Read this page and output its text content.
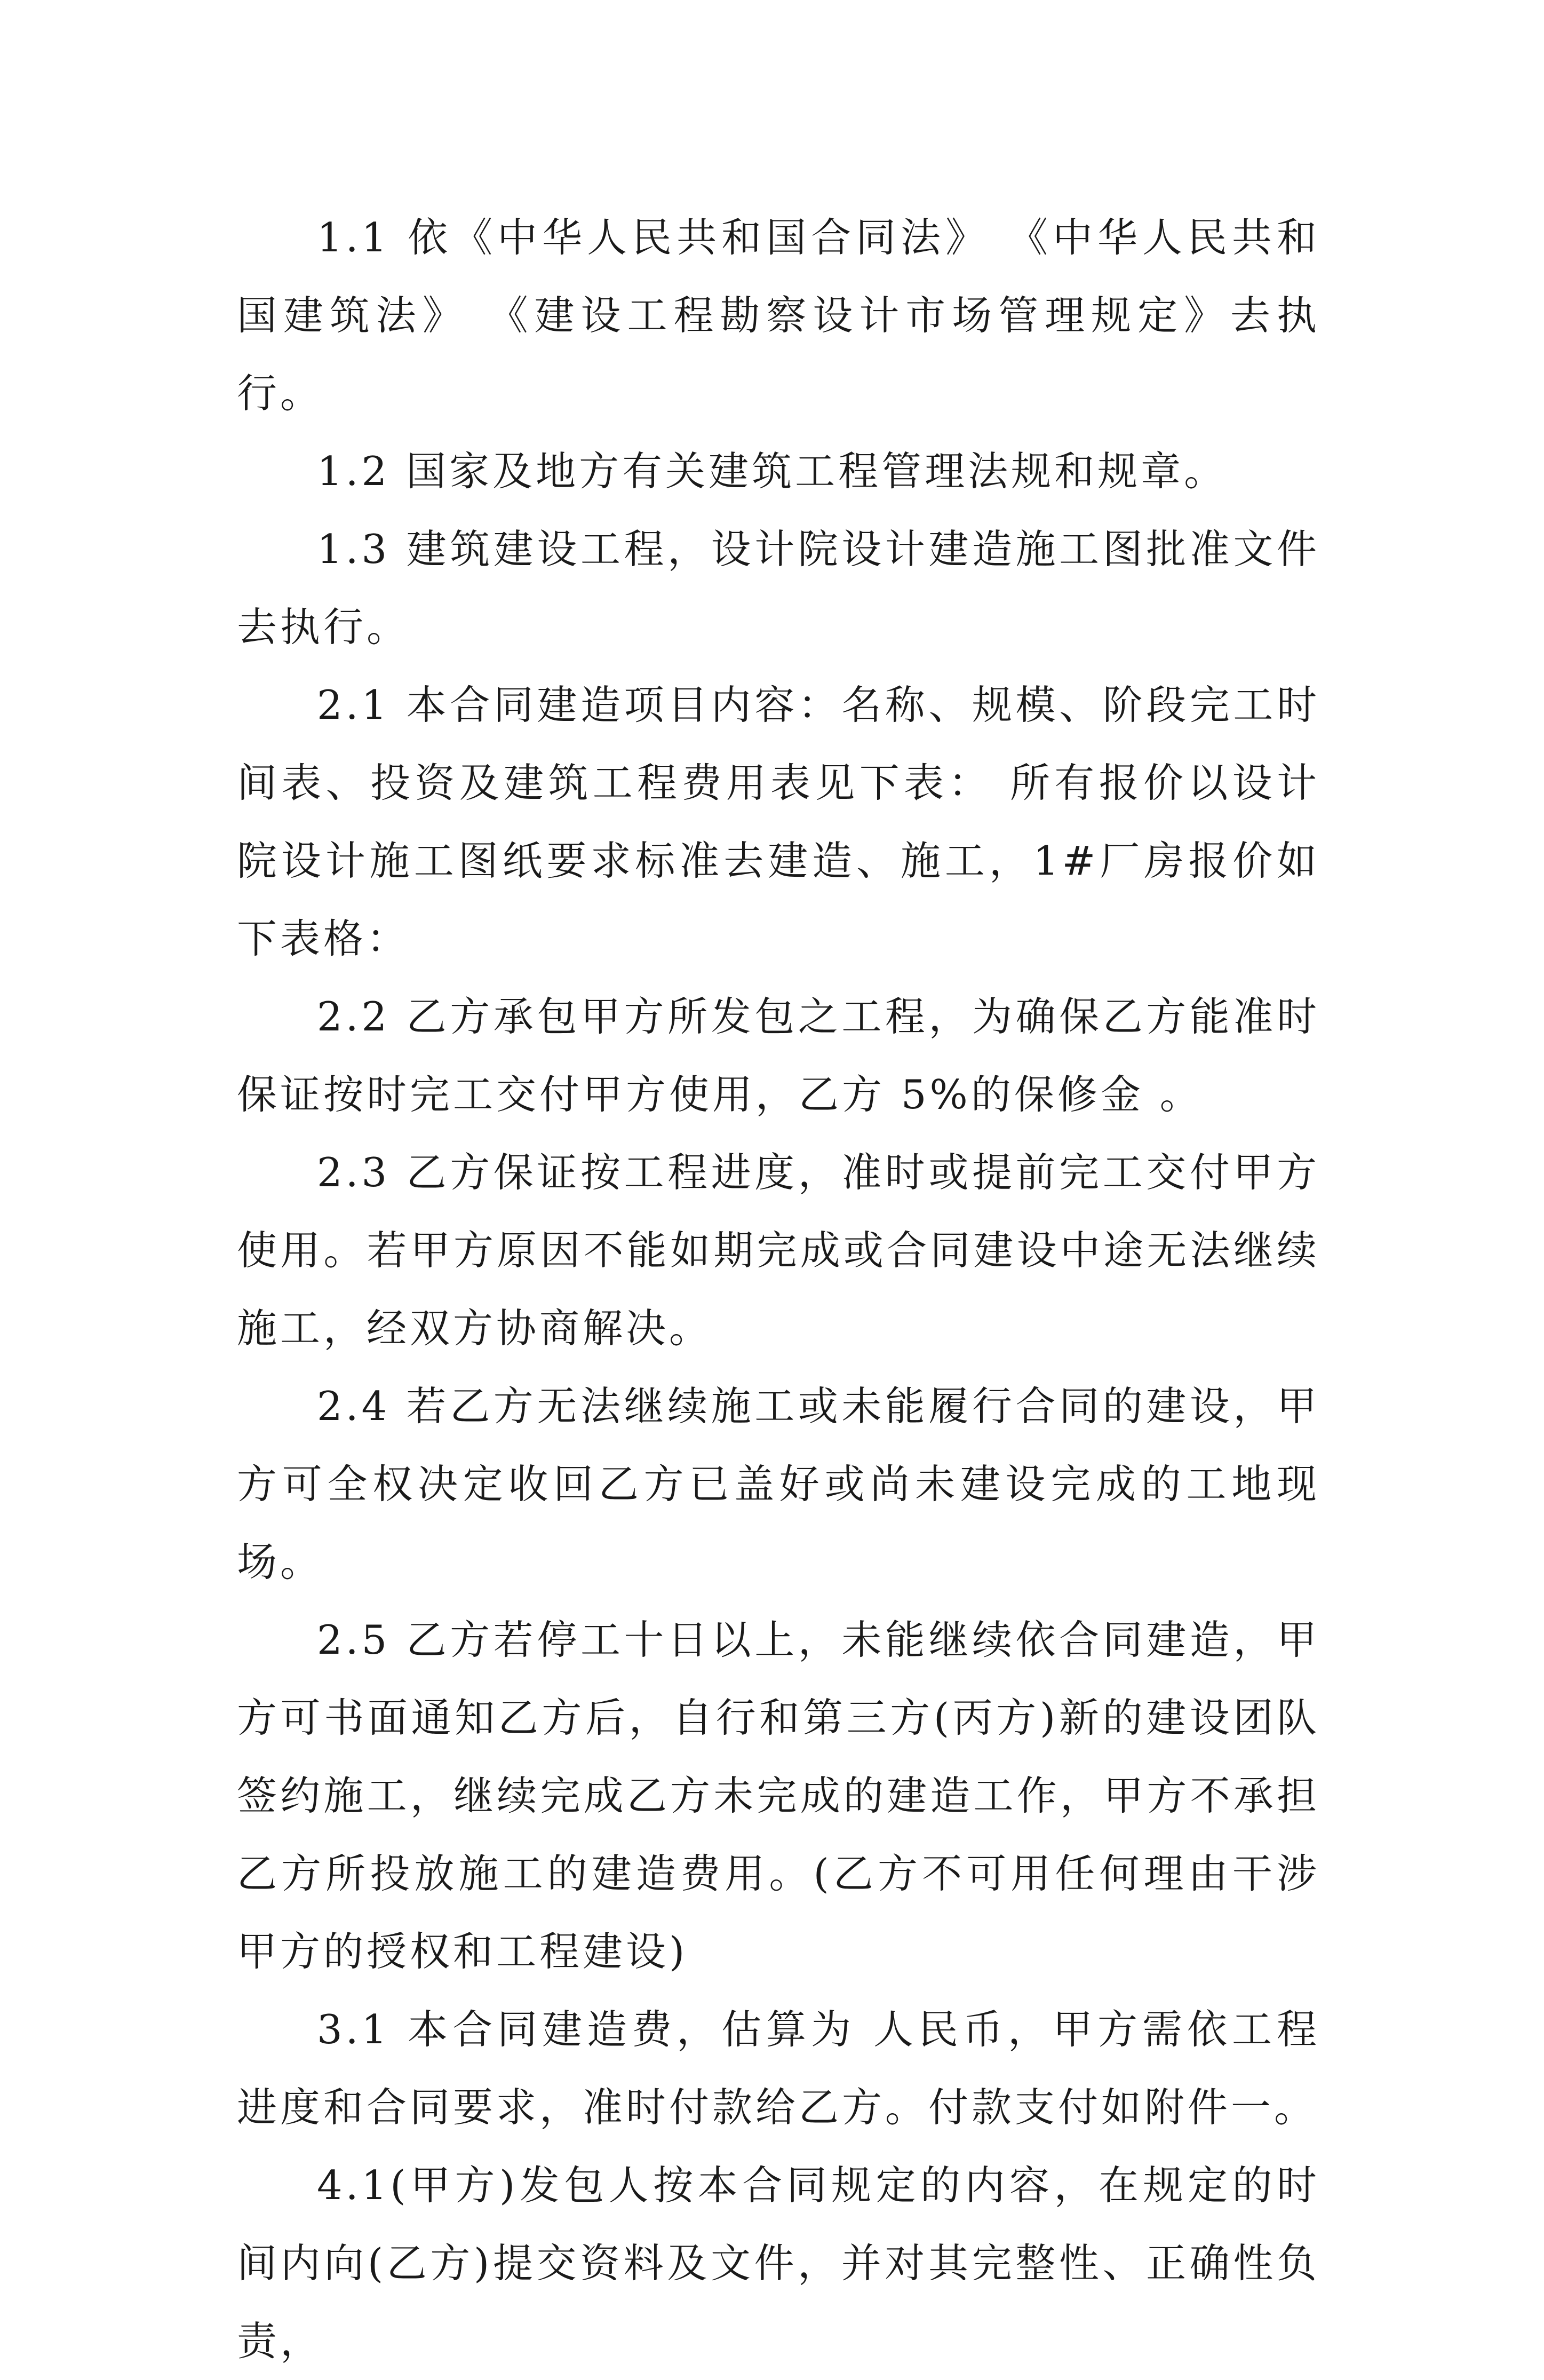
1.1 依《中华人民共和国合同法》 《中华人民共和国建筑法》 《建设工程勘察设计市场管理规定》去执行。

1.2 国家及地方有关建筑工程管理法规和规章。

1.3 建筑建设工程，设计院设计建造施工图批准文件去执行。

2.1 本合同建造项目内容：名称、规模、阶段完工时间表、投资及建筑工程费用表见下表： 所有报价以设计院设计施工图纸要求标准去建造、施工，1#厂房报价如下表格：

2.2 乙方承包甲方所发包之工程，为确保乙方能准时保证按时完工交付甲方使用，乙方 5%的保修金 。

2.3 乙方保证按工程进度，准时或提前完工交付甲方使用。若甲方原因不能如期完成或合同建设中途无法继续施工，经双方协商解决。

2.4 若乙方无法继续施工或未能履行合同的建设，甲方可全权决定收回乙方已盖好或尚未建设完成的工地现场。

2.5 乙方若停工十日以上，未能继续依合同建造，甲方可书面通知乙方后，自行和第三方(丙方)新的建设团队签约施工，继续完成乙方未完成的建造工作，甲方不承担乙方所投放施工的建造费用。(乙方不可用任何理由干涉甲方的授权和工程建设)

3.1 本合同建造费，估算为 人民币，甲方需依工程进度和合同要求，准时付款给乙方。付款支付如附件一。

4.1(甲方)发包人按本合同规定的内容，在规定的时间内向(乙方)提交资料及文件，并对其完整性、正确性负责，
